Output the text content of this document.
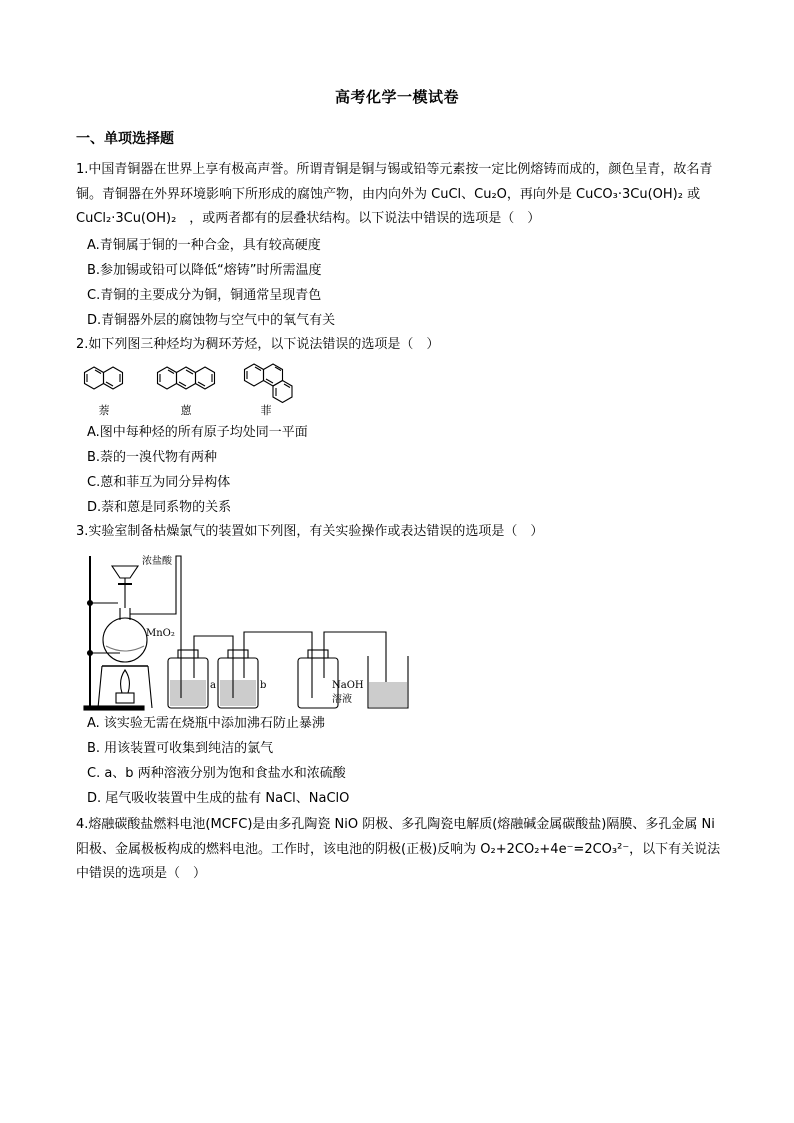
高考化学一模试卷
一、单项选择题
1.中国青铜器在世界上享有极高声誉。所谓青铜是铜与锡或铅等元素按一定比例熔铸而成的，颜色呈青，故名青铜。青铜器在外界环境影响下所形成的腐蚀产物，由内向外为 CuCl、Cu₂O，再向外是 CuCO₃·3Cu(OH)₂ 或 CuCl₂·3Cu(OH)₂　，或两者都有的层叠状结构。以下说法中错误的选项是（　）
A.青铜属于铜的一种合金，具有较高硬度
B.参加锡或铅可以降低“熔铸”时所需温度
C.青铜的主要成分为铜，铜通常呈现青色
D.青铜器外层的腐蚀物与空气中的氧气有关
2.如下列图三种烃均为稠环芳烃，以下说法错误的选项是（　）
萘	蒽	菲
A.图中每种烃的所有原子均处同一平面
B.萘的一溴代物有两种
C.蒽和菲互为同分异构体
D.萘和蒽是同系物的关系
3.实验室制备枯燥氯气的装置如下列图，有关实验操作或表达错误的选项是（　）
浓盐酸
MnO₂
a	b	NaOH
溶液
A. 该实验无需在烧瓶中添加沸石防止暴沸
B. 用该装置可收集到纯洁的氯气
C. a、b 两种溶液分别为饱和食盐水和浓硫酸
D. 尾气吸收装置中生成的盐有 NaCl、NaClO
4.熔融碳酸盐燃料电池(MCFC)是由多孔陶瓷 NiO 阴极、多孔陶瓷电解质(熔融碱金属碳酸盐)隔膜、多孔金属 Ni 阳极、金属极板构成的燃料电池。工作时，该电池的阴极(正极)反响为 O₂+2CO₂+4e⁻=2CO₃²⁻，以下有关说法中错误的选项是（　）
